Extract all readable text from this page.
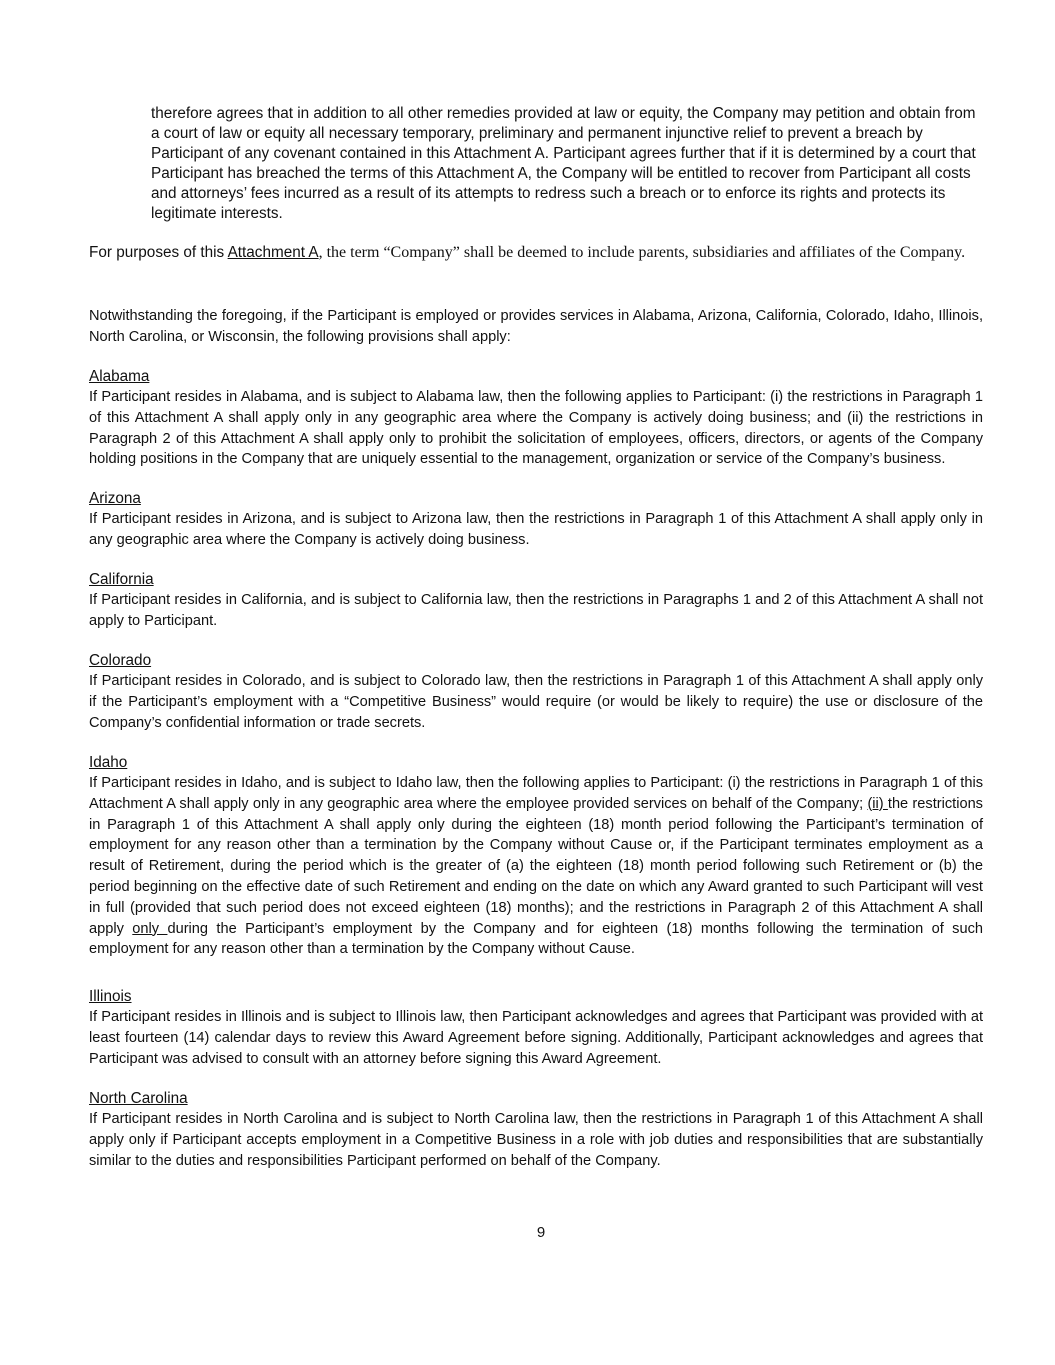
therefore agrees that in addition to all other remedies provided at law or equity, the Company may petition and obtain from a court of law or equity all necessary temporary, preliminary and permanent injunctive relief to prevent a breach by Participant of any covenant contained in this Attachment A. Participant agrees further that if it is determined by a court that Participant has breached the terms of this Attachment A, the Company will be entitled to recover from Participant all costs and attorneys’ fees incurred as a result of its attempts to redress such a breach or to enforce its rights and protects its legitimate interests.

For purposes of this Attachment A, the term “Company” shall be deemed to include parents, subsidiaries and affiliates of the Company.

Notwithstanding the foregoing, if the Participant is employed or provides services in Alabama, Arizona, California, Colorado, Idaho, Illinois, North Carolina, or Wisconsin, the following provisions shall apply:

Alabama

If Participant resides in Alabama, and is subject to Alabama law, then the following applies to Participant: (i) the restrictions in Paragraph 1 of this Attachment A shall apply only in any geographic area where the Company is actively doing business; and (ii) the restrictions in Paragraph 2 of this Attachment A shall apply only to prohibit the solicitation of employees, officers, directors, or agents of the Company holding positions in the Company that are uniquely essential to the management, organization or service of the Company’s business.

Arizona

If Participant resides in Arizona, and is subject to Arizona law, then the restrictions in Paragraph 1 of this Attachment A shall apply only in any geographic area where the Company is actively doing business.

California

If Participant resides in California, and is subject to California law, then the restrictions in Paragraphs 1 and 2 of this Attachment A shall not apply to Participant.

Colorado

If Participant resides in Colorado, and is subject to Colorado law, then the restrictions in Paragraph 1 of this Attachment A shall apply only if the Participant’s employment with a “Competitive Business” would require (or would be likely to require) the use or disclosure of the Company’s confidential information or trade secrets.

Idaho

If Participant resides in Idaho, and is subject to Idaho law, then the following applies to Participant: (i) the restrictions in Paragraph 1 of this Attachment A shall apply only in any geographic area where the employee provided services on behalf of the Company; (ii) the restrictions in Paragraph 1 of this Attachment A shall apply only during the eighteen (18) month period following the Participant’s termination of employment for any reason other than a termination by the Company without Cause or, if the Participant terminates employment as a result of Retirement, during the period which is the greater of (a) the eighteen (18) month period following such Retirement or (b) the period beginning on the effective date of such Retirement and ending on the date on which any Award granted to such Participant will vest in full (provided that such period does not exceed eighteen (18) months); and the restrictions in Paragraph 2 of this Attachment A shall apply only during the Participant’s employment by the Company and for eighteen (18) months following the termination of such employment for any reason other than a termination by the Company without Cause.

Illinois

If Participant resides in Illinois and is subject to Illinois law, then Participant acknowledges and agrees that Participant was provided with at least fourteen (14) calendar days to review this Award Agreement before signing. Additionally, Participant acknowledges and agrees that Participant was advised to consult with an attorney before signing this Award Agreement.

North Carolina

If Participant resides in North Carolina and is subject to North Carolina law, then the restrictions in Paragraph 1 of this Attachment A shall apply only if Participant accepts employment in a Competitive Business in a role with job duties and responsibilities that are substantially similar to the duties and responsibilities Participant performed on behalf of the Company.

9
